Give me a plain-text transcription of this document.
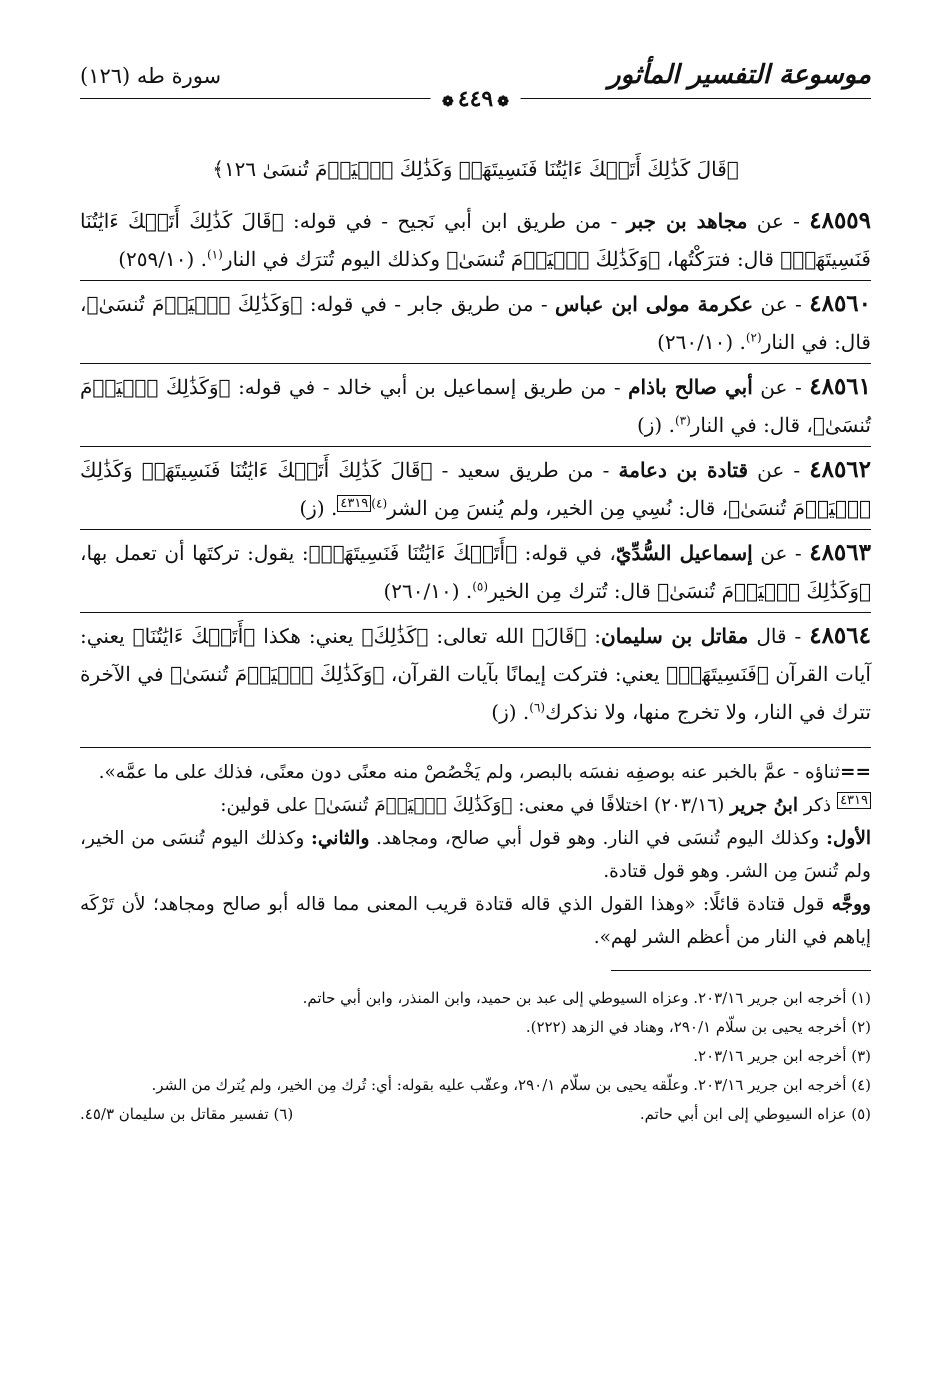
موسوعة التفسير المأثور
سورة طه (١٢٦)
❁٤٤٩❁
﴿قَالَ كَذَٰلِكَ أَتَتۡكَ ءَايَٰتُنَا فَنَسِيتَهَاۖ وَكَذَٰلِكَ ٱلۡيَوۡمَ تُنسَىٰ ١٢٦﴾
٤٨٥٥٩ - عن مجاهد بن جبر - من طريق ابن أبي نَجيح - في قوله: ﴿قَالَ كَذَٰلِكَ أَتَتۡكَ ءَايَٰتُنَا فَنَسِيتَهَاۖ﴾ قال: فترَكْتُها، ﴿وَكَذَٰلِكَ ٱلۡيَوۡمَ تُنسَىٰ﴾ وكذلك اليوم تُترَك في النار$^{(١)}$. (٢٥٩/١٠)
٤٨٥٦٠ - عن عكرمة مولى ابن عباس - من طريق جابر - في قوله: ﴿وَكَذَٰلِكَ ٱلۡيَوۡمَ تُنسَىٰ﴾، قال: في النار$^{(٢)}$. (٢٦٠/١٠)
٤٨٥٦١ - عن أبي صالح باذام - من طريق إسماعيل بن أبي خالد - في قوله: ﴿وَكَذَٰلِكَ ٱلۡيَوۡمَ تُنسَىٰ﴾، قال: في النار$^{(٣)}$. (ز)
٤٨٥٦٢ - عن قتادة بن دعامة - من طريق سعيد - ﴿قَالَ كَذَٰلِكَ أَتَتۡكَ ءَايَٰتُنَا فَنَسِيتَهَاۖ وَكَذَٰلِكَ ٱلۡيَوۡمَ تُنسَىٰ﴾، قال: نُسِي مِن الخير، ولم يُنسَ مِن الشر$^{(٤)}$٤٣١٩. (ز)
٤٨٥٦٣ - عن إسماعيل السُّدِّيّ، في قوله: ﴿أَتَتۡكَ ءَايَٰتُنَا فَنَسِيتَهَاۖ﴾: يقول: تركتَها أن تعمل بها، ﴿وَكَذَٰلِكَ ٱلۡيَوۡمَ تُنسَىٰ﴾ قال: تُترك مِن الخير$^{(٥)}$. (٢٦٠/١٠)
٤٨٥٦٤ - قال مقاتل بن سليمان: ﴿قَالَ﴾ الله تعالى: ﴿كَذَٰلِكَ﴾ يعني: هكذا ﴿أَتَتۡكَ ءَايَٰتُنَا﴾ يعني: آيات القرآن ﴿فَنَسِيتَهَاۖ﴾ يعني: فتركت إيمانًا بآيات القرآن، ﴿وَكَذَٰلِكَ ٱلۡيَوۡمَ تُنسَىٰ﴾ في الآخرة تترك في النار، ولا تخرج منها، ولا نذكرك$^{(٦)}$. (ز)

==ثناؤه - عمَّ بالخبر عنه بوصفِه نفسَه بالبصر، ولم يَخْصُصْ منه معنًى دون معنًى، فذلك على ما عمَّه».

٤٣١٩ ذكر ابنُ جرير (٢٠٣/١٦) اختلافًا في معنى: ﴿وَكَذَٰلِكَ ٱلۡيَوۡمَ تُنسَىٰ﴾ على قولين:

الأول: وكذلك اليوم تُنسَى في النار. وهو قول أبي صالح، ومجاهد. والثاني: وكذلك اليوم تُنسَى من الخير، ولم تُنسَ مِن الشر. وهو قول قتادة.

ووجَّه قول قتادة قائلًا: «وهذا القول الذي قاله قتادة قريب المعنى مما قاله أبو صالح ومجاهد؛ لأن تَرْكَه إياهم في النار من أعظم الشر لهم».

(١) أخرجه ابن جرير ٢٠٣/١٦. وعزاه السيوطي إلى عبد بن حميد، وابن المنذر، وابن أبي حاتم.

(٢) أخرجه يحيى بن سلّام ٢٩٠/١، وهناد في الزهد (٢٢٢).

(٣) أخرجه ابن جرير ٢٠٣/١٦.

(٤) أخرجه ابن جرير ٢٠٣/١٦. وعلّقه يحيى بن سلّام ٢٩٠/١، وعقّب عليه بقوله: أي: تُرك مِن الخير، ولم يُترك من الشر.

(٥) عزاه السيوطي إلى ابن أبي حاتم.
(٦) تفسير مقاتل بن سليمان ٤٥/٣.
